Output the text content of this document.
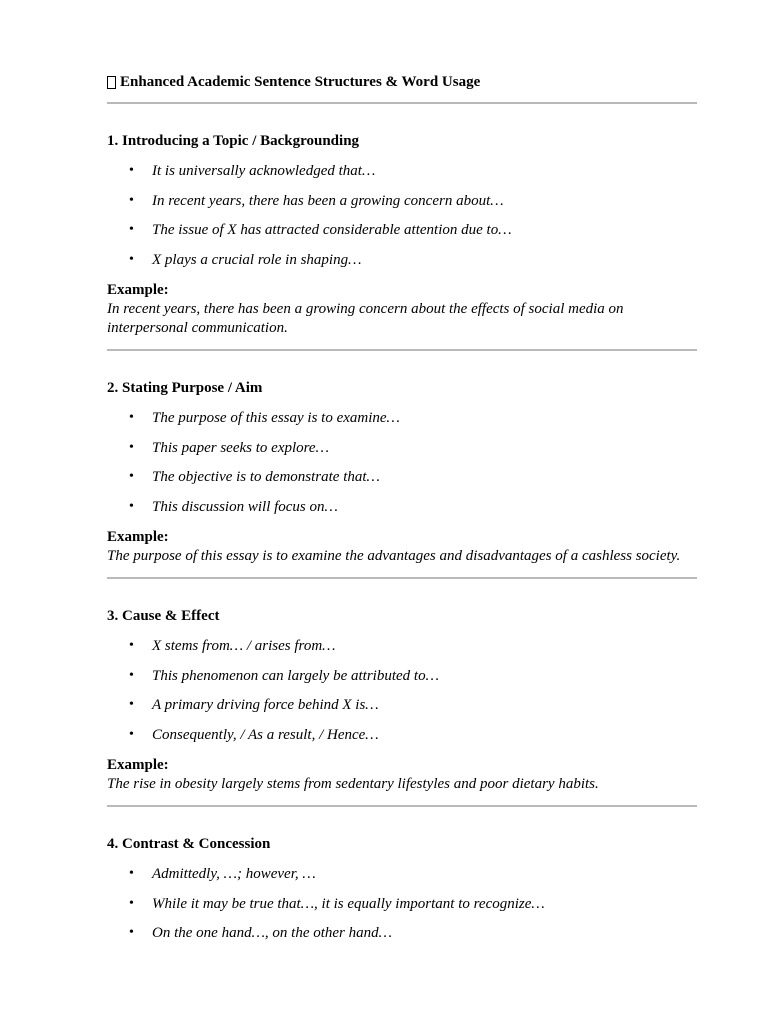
Enhanced Academic Sentence Structures & Word Usage
1. Introducing a Topic / Backgrounding
• It is universally acknowledged that…
• In recent years, there has been a growing concern about…
• The issue of X has attracted considerable attention due to…
• X plays a crucial role in shaping…

Example:

In recent years, there has been a growing concern about the effects of social media on interpersonal communication.

2. Stating Purpose / Aim
• The purpose of this essay is to examine…
• This paper seeks to explore…
• The objective is to demonstrate that…
• This discussion will focus on…

Example:

The purpose of this essay is to examine the advantages and disadvantages of a cashless society.

3. Cause & Effect
• X stems from… / arises from…
• This phenomenon can largely be attributed to…
• A primary driving force behind X is…
• Consequently, / As a result, / Hence…

Example:

The rise in obesity largely stems from sedentary lifestyles and poor dietary habits.

4. Contrast & Concession
• Admittedly, …; however, …
• While it may be true that…, it is equally important to recognize…
• On the one hand…, on the other hand…
